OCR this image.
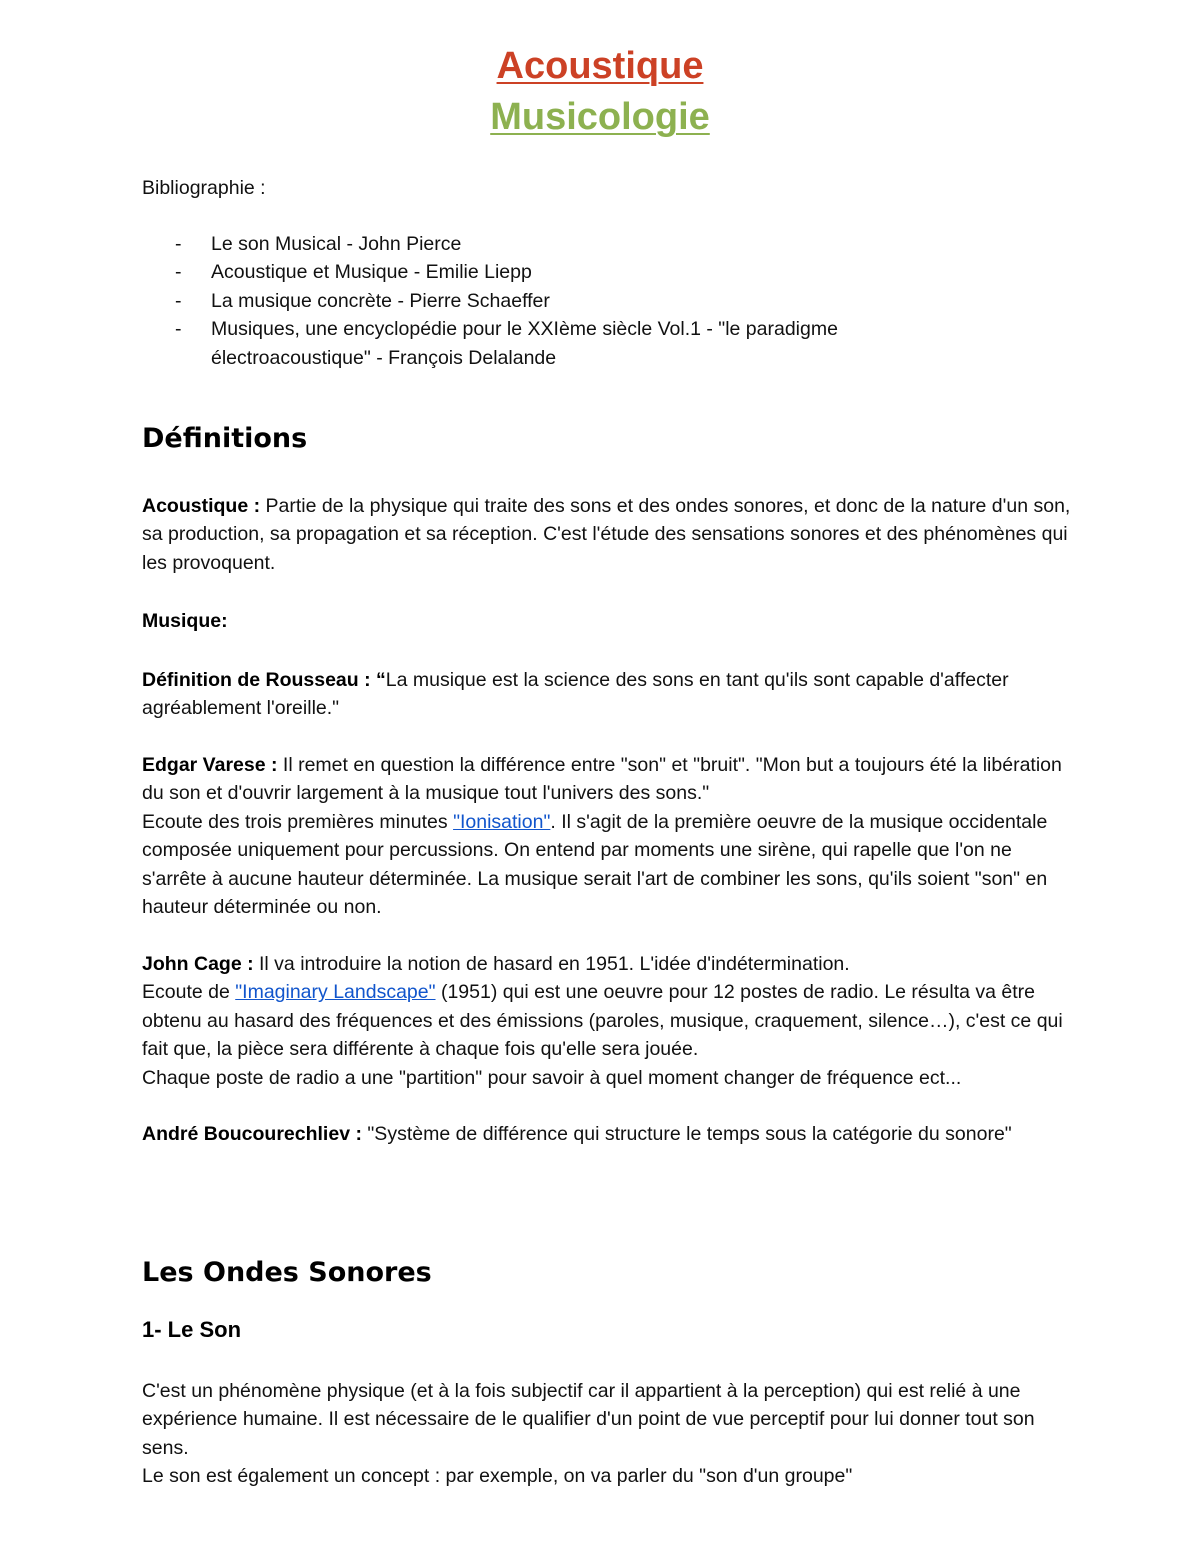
Acoustique
Musicologie

Bibliographie :

- Le son Musical - John Pierce
- Acoustique et Musique - Emilie Liepp
- La musique concrète - Pierre Schaeffer
- Musiques, une encyclopédie pour le XXIème siècle Vol.1 - "le paradigme électroacoustique" - François Delalande
Définitions

Acoustique : Partie de la physique qui traite des sons et des ondes sonores, et donc de la nature d'un son, sa production, sa propagation et sa réception. C'est l'étude des sensations sonores et des phénomènes qui les provoquent.

Musique:

Définition de Rousseau : “La musique est la science des sons en tant qu'ils sont capable d'affecter agréablement l'oreille."

Edgar Varese : Il remet en question la différence entre "son" et "bruit". "Mon but a toujours été la libération du son et d'ouvrir largement à la musique tout l'univers des sons."

Ecoute des trois premières minutes "Ionisation". Il s'agit de la première oeuvre de la musique occidentale composée uniquement pour percussions. On entend par moments une sirène, qui rapelle que l'on ne s'arrête à aucune hauteur déterminée. La musique serait l'art de combiner les sons, qu'ils soient "son" en hauteur déterminée ou non.

John Cage : Il va introduire la notion de hasard en 1951. L'idée d'indétermination.

Ecoute de "Imaginary Landscape" (1951) qui est une oeuvre pour 12 postes de radio. Le résulta va être obtenu au hasard des fréquences et des émissions (paroles, musique, craquement, silence…), c'est ce qui fait que, la pièce sera différente à chaque fois qu'elle sera jouée.

Chaque poste de radio a une "partition" pour savoir à quel moment changer de fréquence ect...

André Boucourechliev : "Système de différence qui structure le temps sous la catégorie du sonore"

Les Ondes Sonores
1- Le Son

C'est un phénomène physique (et à la fois subjectif car il appartient à la perception) qui est relié à une expérience humaine. Il est nécessaire de le qualifier d'un point de vue perceptif pour lui donner tout son sens.

Le son est également un concept : par exemple, on va parler du "son d'un groupe"
